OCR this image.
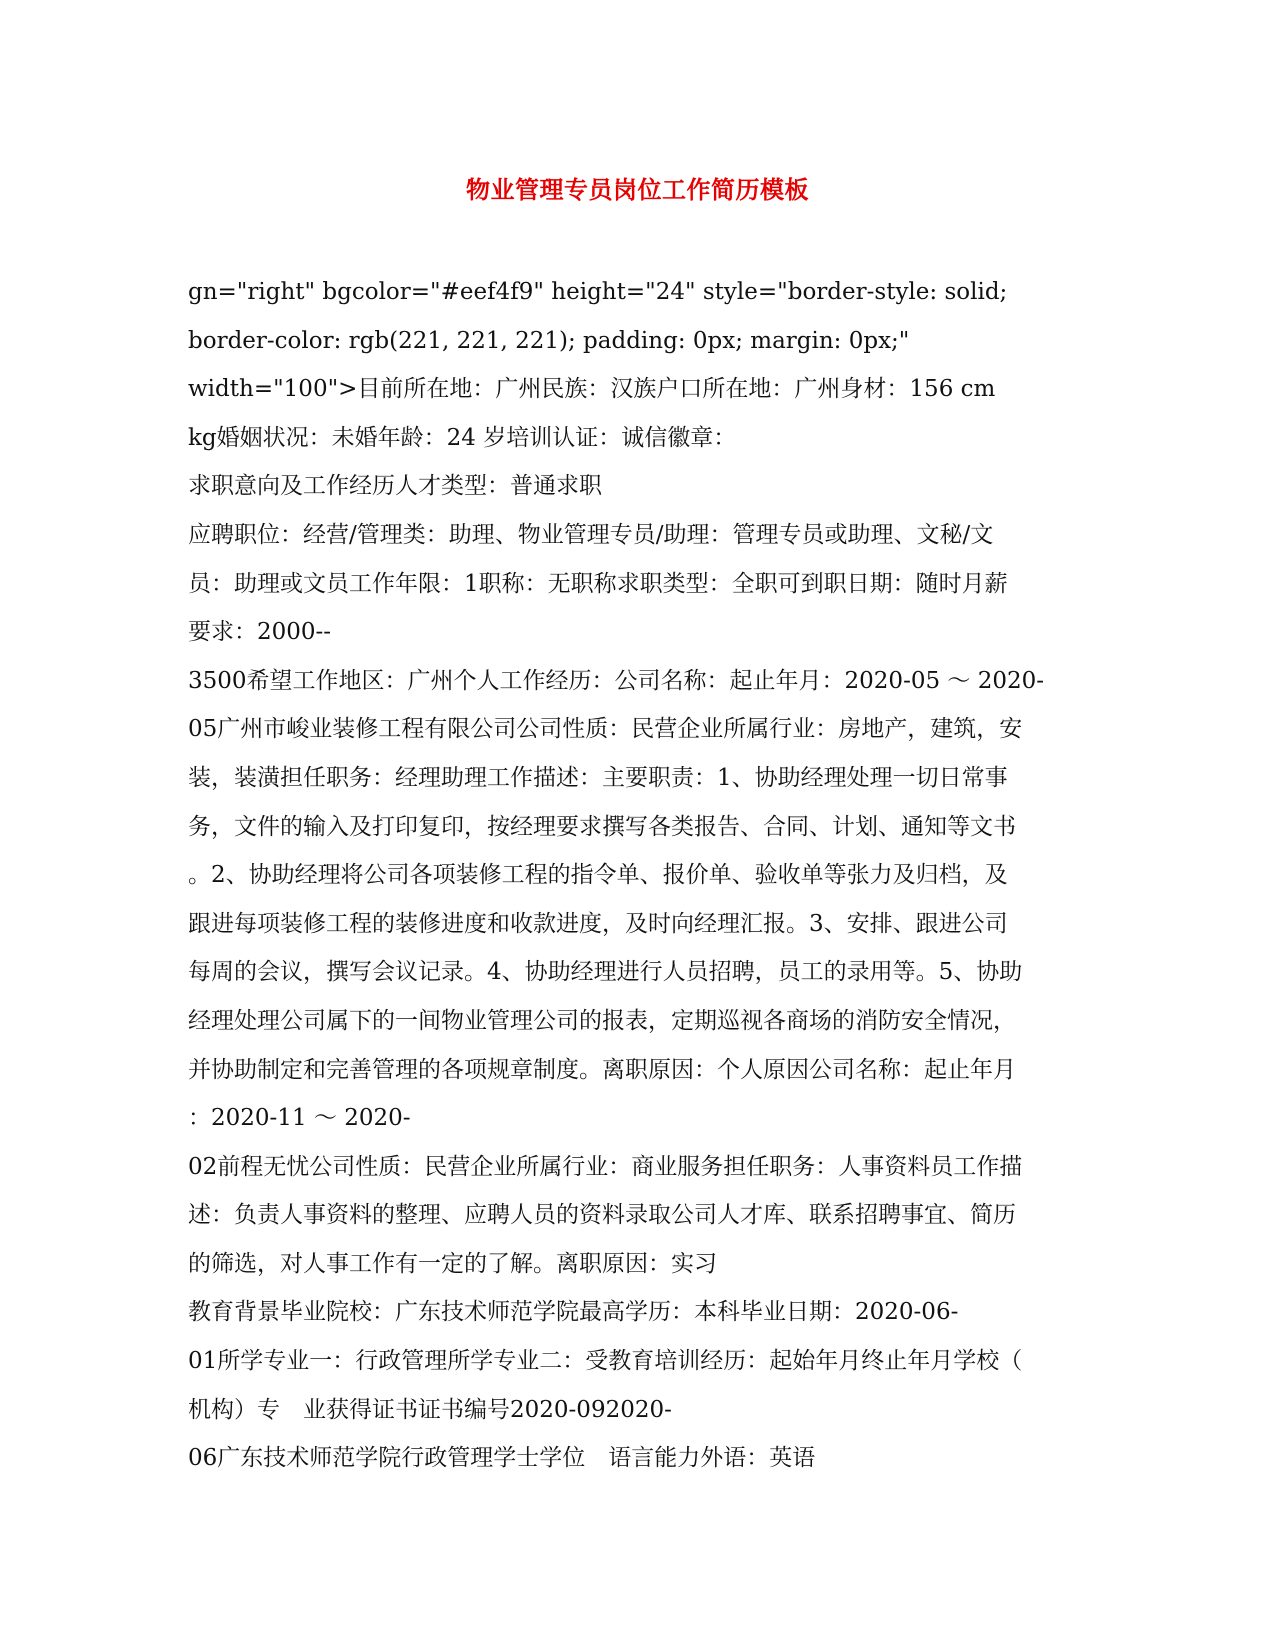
物业管理专员岗位工作简历模板
gn="right" bgcolor="#eef4f9" height="24" style="border-style: solid;
border-color: rgb(221, 221, 221); padding: 0px; margin: 0px;"
width="100">目前所在地：广州民族：汉族户口所在地：广州身材：156 cm
kg婚姻状况：未婚年龄：24 岁培训认证：诚信徽章：
求职意向及工作经历人才类型：普通求职
应聘职位：经营/管理类：助理、物业管理专员/助理：管理专员或助理、文秘/文
员：助理或文员工作年限：1职称：无职称求职类型：全职可到职日期：随时月薪
要求：2000--
3500希望工作地区：广州个人工作经历：公司名称：起止年月：2020-05 ～ 2020-
05广州市峻业装修工程有限公司公司性质：民营企业所属行业：房地产，建筑，安
装，装潢担任职务：经理助理工作描述：主要职责：1、协助经理处理一切日常事
务，文件的输入及打印复印，按经理要求撰写各类报告、合同、计划、通知等文书
。2、协助经理将公司各项装修工程的指令单、报价单、验收单等张力及归档，及
跟进每项装修工程的装修进度和收款进度，及时向经理汇报。3、安排、跟进公司
每周的会议，撰写会议记录。4、协助经理进行人员招聘，员工的录用等。5、协助
经理处理公司属下的一间物业管理公司的报表，定期巡视各商场的消防安全情况，
并协助制定和完善管理的各项规章制度。离职原因：个人原因公司名称：起止年月
：2020-11 ～ 2020-
02前程无忧公司性质：民营企业所属行业：商业服务担任职务：人事资料员工作描
述：负责人事资料的整理、应聘人员的资料录取公司人才库、联系招聘事宜、简历
的筛选，对人事工作有一定的了解。离职原因：实习
教育背景毕业院校：广东技术师范学院最高学历：本科毕业日期：2020-06-
01所学专业一：行政管理所学专业二：受教育培训经历：起始年月终止年月学校（
机构）专　业获得证书证书编号2020-092020-
06广东技术师范学院行政管理学士学位　语言能力外语：英语
